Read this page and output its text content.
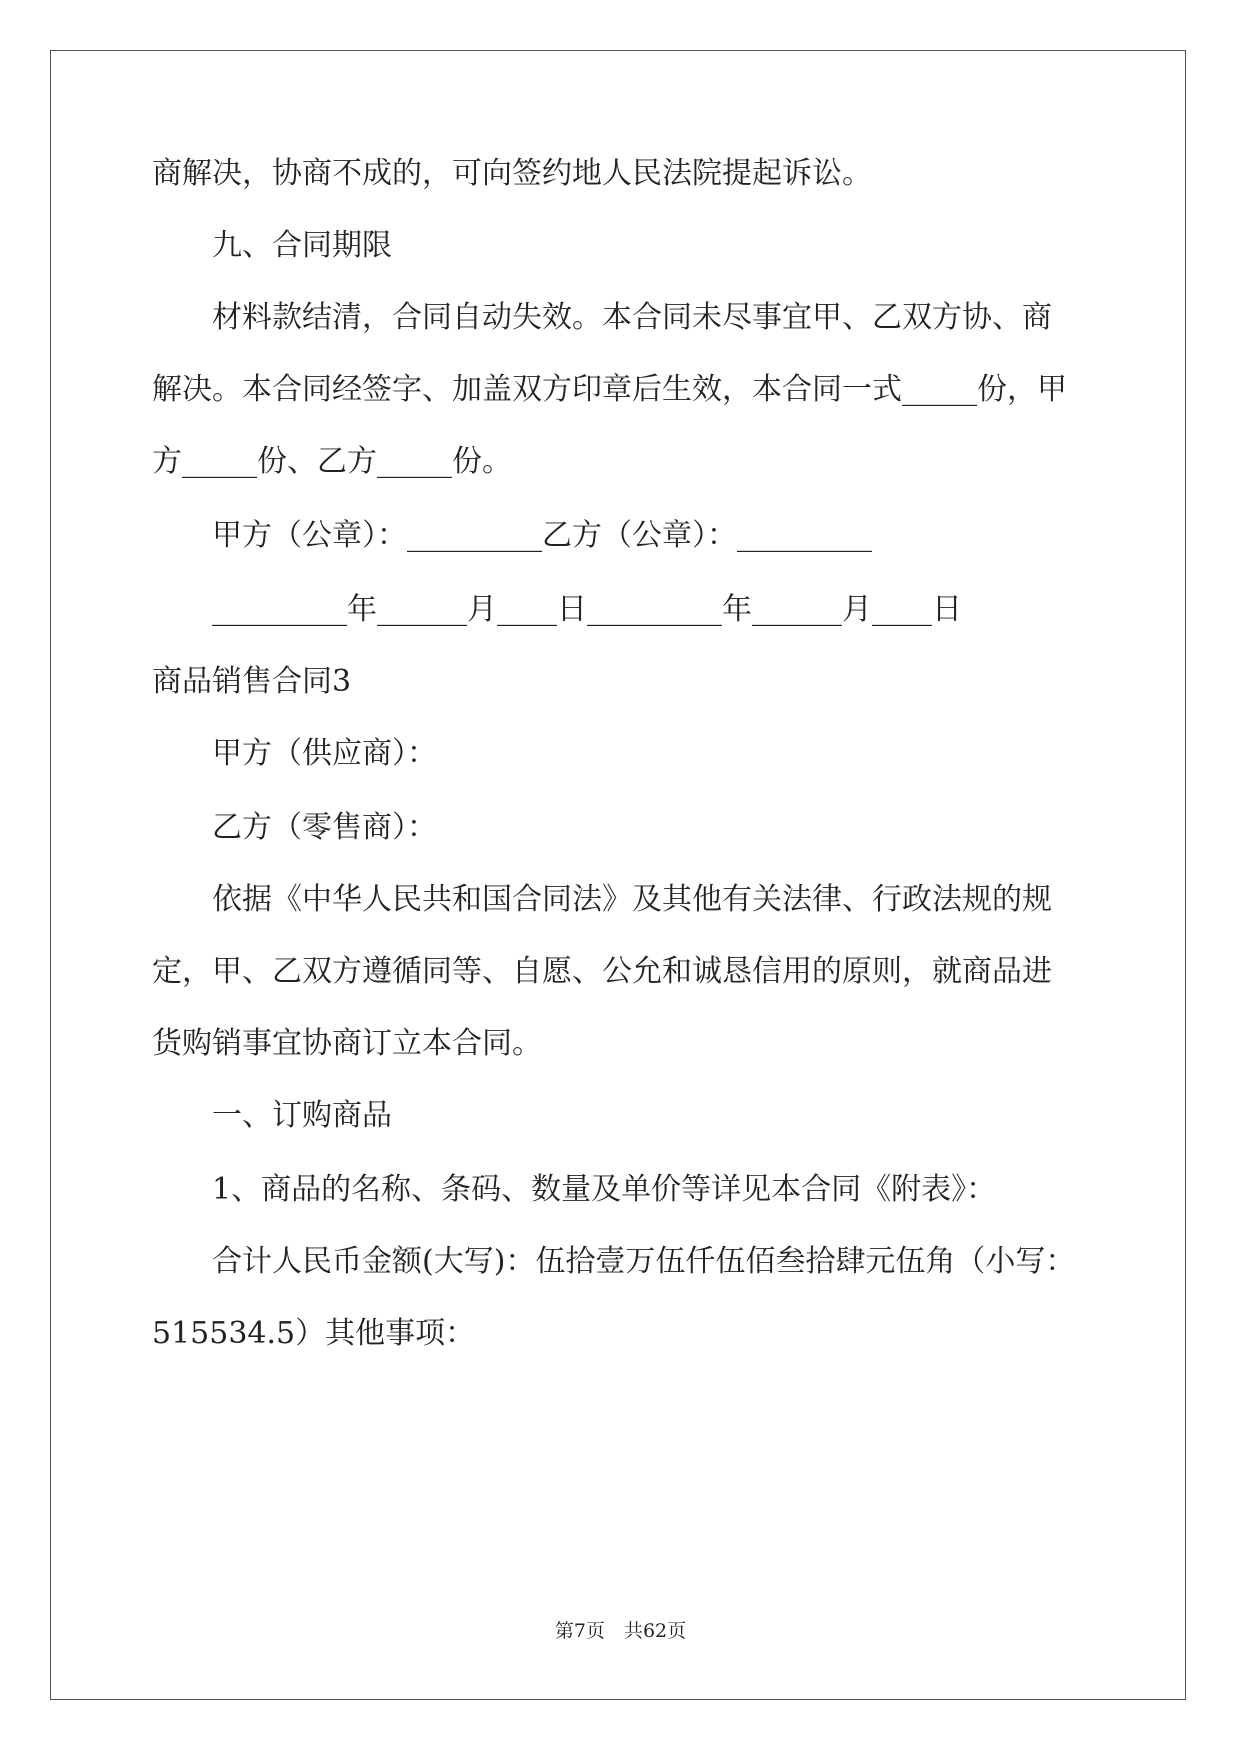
商解决，协商不成的，可向签约地人民法院提起诉讼。
九、合同期限
材料款结清，合同自动失效。本合同未尽事宜甲、乙双方协、商
解决。本合同经签字、加盖双方印章后生效，本合同一式_____份，甲
方_____份、乙方_____份。
甲方（公章）：_________乙方（公章）：_________
_________年______月____日_________年______月____日
商品销售合同3
甲方（供应商）：
乙方（零售商）：
依据《中华人民共和国合同法》及其他有关法律、行政法规的规
定，甲、乙双方遵循同等、自愿、公允和诚恳信用的原则，就商品进
货购销事宜协商订立本合同。
一、订购商品
1、商品的名称、条码、数量及单价等详见本合同《附表》：
合计人民币金额(大写)：伍拾壹万伍仟伍佰叁拾肆元伍角（小写：
515534.5）其他事项：
第7页　共62页
